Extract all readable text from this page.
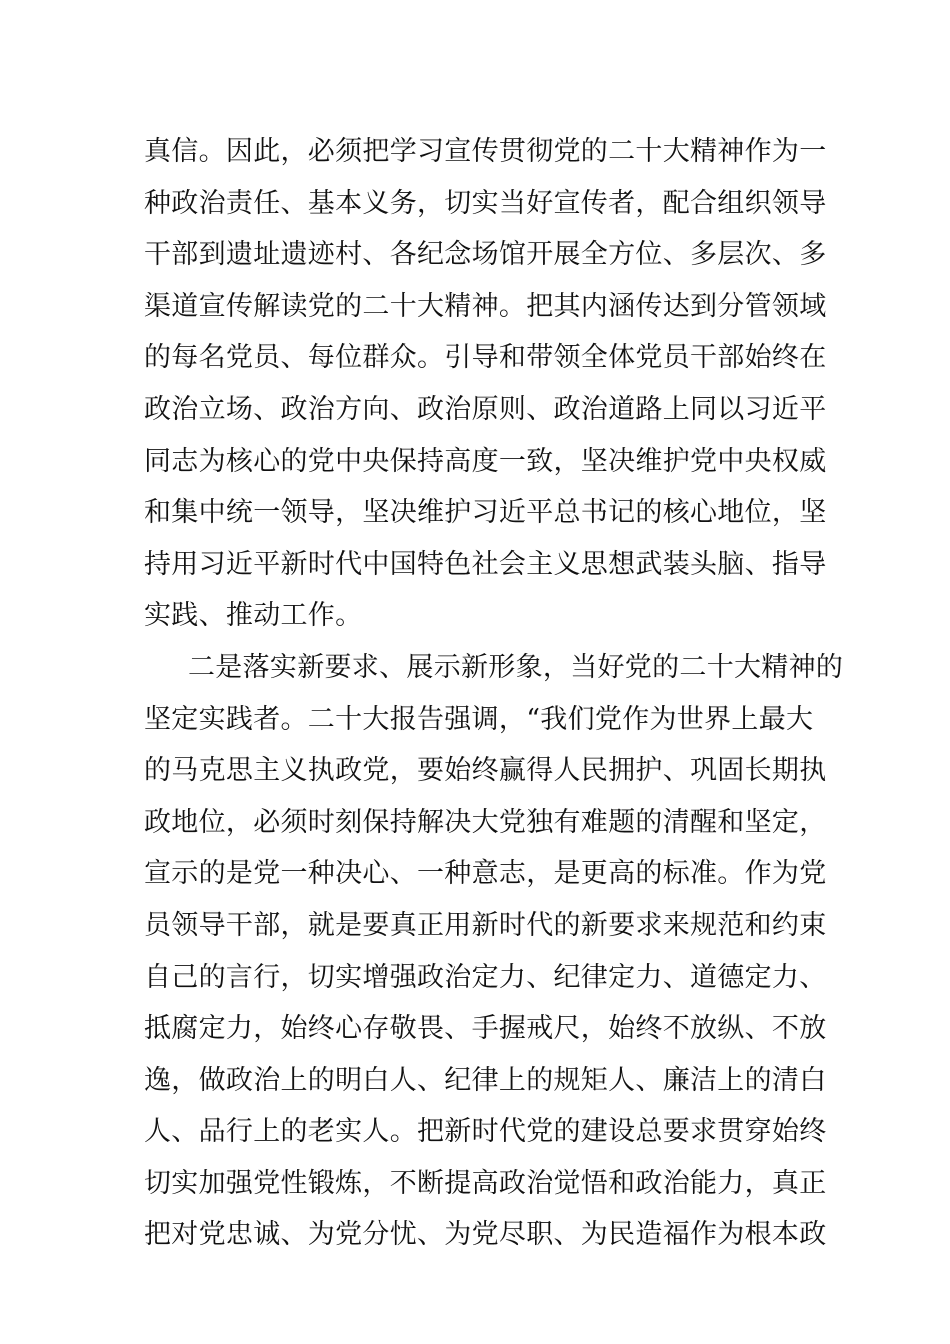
真信。因此，必须把学习宣传贯彻党的二十大精神作为一
种政治责任、基本义务，切实当好宣传者，配合组织领导
干部到遗址遗迹村、各纪念场馆开展全方位、多层次、多
渠道宣传解读党的二十大精神。把其内涵传达到分管领域
的每名党员、每位群众。引导和带领全体党员干部始终在
政治立场、政治方向、政治原则、政治道路上同以习近平
同志为核心的党中央保持高度一致，坚决维护党中央权威
和集中统一领导，坚决维护习近平总书记的核心地位，坚
持用习近平新时代中国特色社会主义思想武装头脑、指导
实践、推动工作。
二是落实新要求、展示新形象，当好党的二十大精神的
坚定实践者。二十大报告强调，“我们党作为世界上最大
的马克思主义执政党，要始终赢得人民拥护、巩固长期执
政地位，必须时刻保持解决大党独有难题的清醒和坚定，
宣示的是党一种决心、一种意志，是更高的标准。作为党
员领导干部，就是要真正用新时代的新要求来规范和约束
自己的言行，切实增强政治定力、纪律定力、道德定力、
抵腐定力，始终心存敬畏、手握戒尺，始终不放纵、不放
逸，做政治上的明白人、纪律上的规矩人、廉洁上的清白
人、品行上的老实人。把新时代党的建设总要求贯穿始终
切实加强党性锻炼，不断提高政治觉悟和政治能力，真正
把对党忠诚、为党分忧、为党尽职、为民造福作为根本政
